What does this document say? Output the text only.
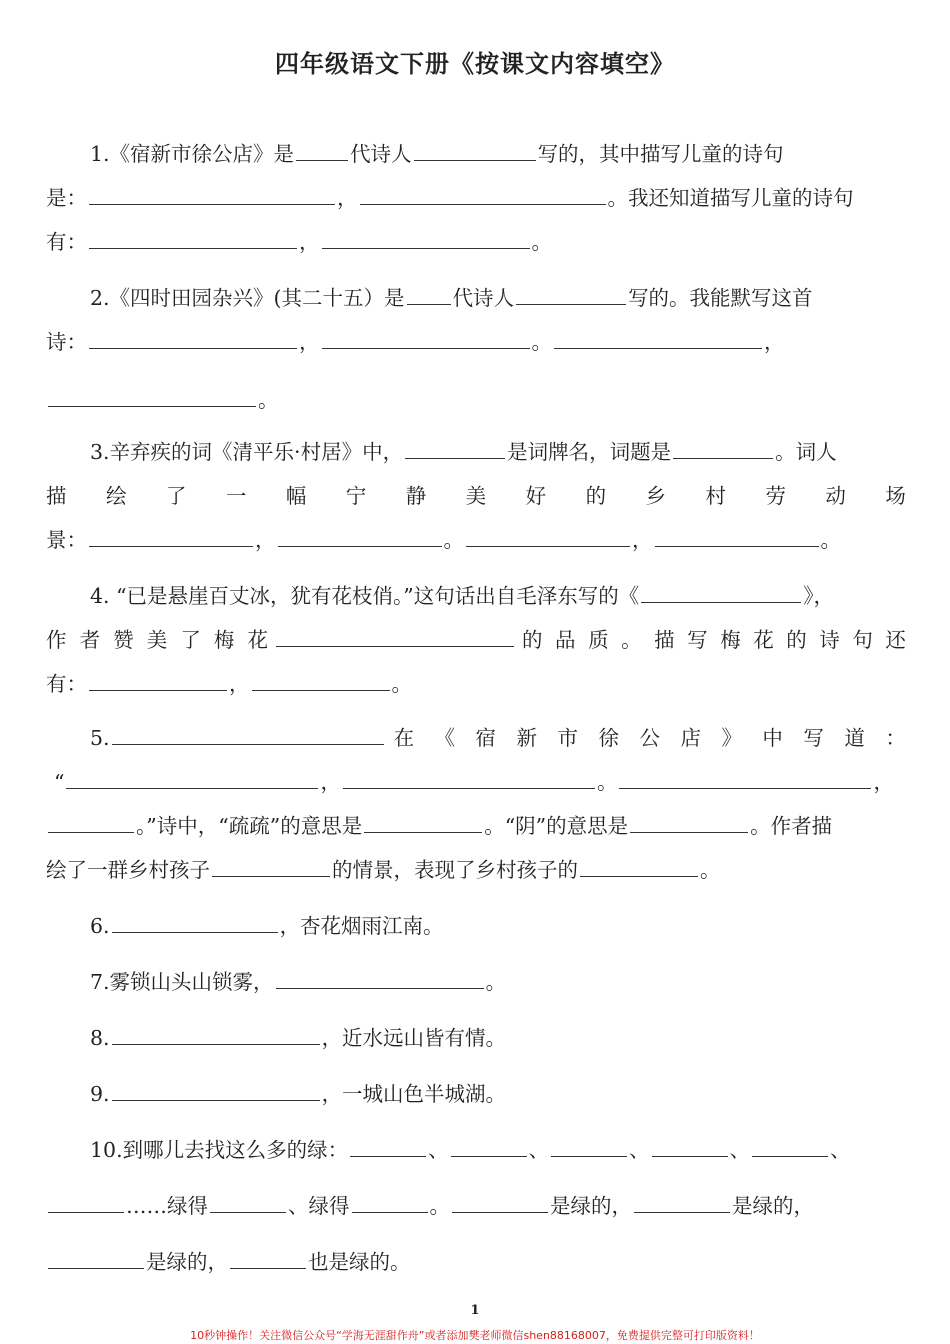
四年级语文下册《按课文内容填空》
1.《宿新市徐公店》是	代诗人	写的，其中描写儿童的诗句
是：	，	。我还知道描写儿童的诗句
有：	，	。
2.《四时田园杂兴》(其二十五）是 代诗人	写的。我能默写这首
诗：	，	。	，
。
3.辛弃疾的词《清平乐·村居》中，	是词牌名，词题是	。词人
描 绘 了 一 幅 宁 静 美 好 的 乡 村 劳 动 场
景：	，	。	，	。
4. “已是悬崖百丈冰，犹有花枝俏。”这句话出自毛泽东写的《	》，
作 者 赞 美 了 梅 花	的 品 质 。 描 写 梅 花 的 诗 句 还
有：	，	。
5.	在 《 宿 新 市 徐 公 店 》 中 写 道 ：
“	，	。	，
。”诗中，“疏疏”的意思是	。“阴”的意思是	。作者描
绘了一群乡村孩子	的情景，表现了乡村孩子的	。
6.	，杏花烟雨江南。
7.雾锁山头山锁雾，	。
8.	，近水远山皆有情。
9.	，一城山色半城湖。
10.到哪儿去找这么多的绿：	、	、	、	、	、
……绿得	、绿得	。	是绿的，	是绿的，
是绿的，	也是绿的。
1
10秒钟操作！关注微信公众号“学海无涯甜作舟”或者添加樊老师微信shen88168007，免费提供完整可打印版资料！
